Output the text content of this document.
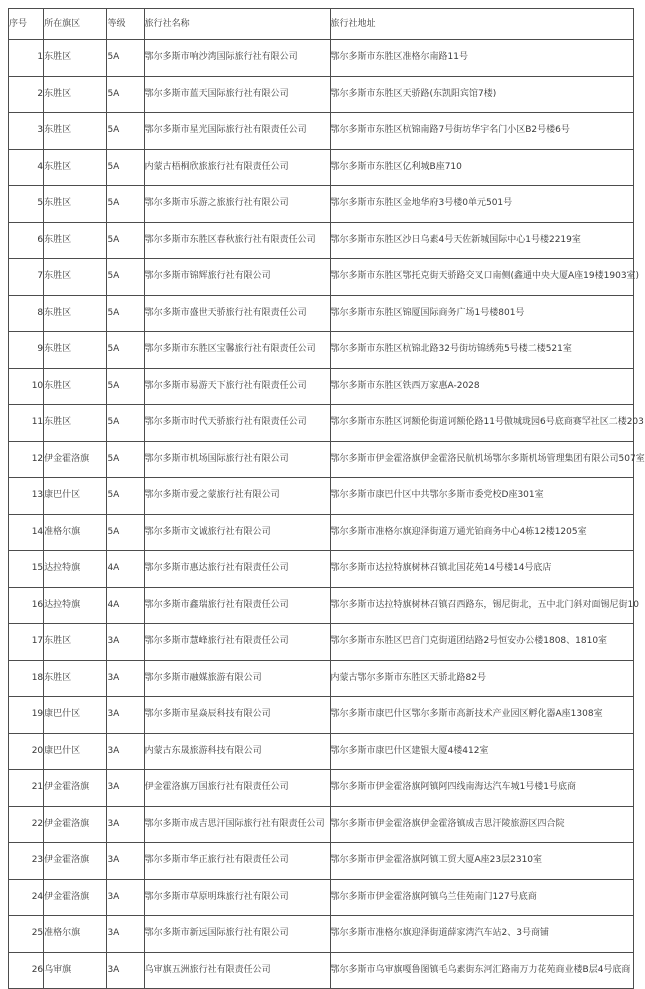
序号	所在旗区	等级	旅行社名称	旅行社地址
1	东胜区	5A	鄂尔多斯市响沙湾国际旅行社有限公司	鄂尔多斯市东胜区准格尔南路11号
2	东胜区	5A	鄂尔多斯市蓝天国际旅行社有限公司	鄂尔多斯市东胜区天骄路(东凯阳宾馆7楼)
3	东胜区	5A	鄂尔多斯市星光国际旅行社有限责任公司	鄂尔多斯市东胜区杭锦南路7号街坊华宇名门小区B2号楼6号
4	东胜区	5A	内蒙古梧桐欣旅旅行社有限责任公司	鄂尔多斯市东胜区亿利城B座710
5	东胜区	5A	鄂尔多斯市乐游之旅旅行社有限公司	鄂尔多斯市东胜区金地华府3号楼0单元501号
6	东胜区	5A	鄂尔多斯市东胜区春秋旅行社有限责任公司	鄂尔多斯市东胜区沙日乌素4号天佐新城国际中心1号楼2219室
7	东胜区	5A	鄂尔多斯市锦辉旅行社有限公司	鄂尔多斯市东胜区鄂托克街天骄路交叉口南侧(鑫通中央大厦A座19楼1903室)
8	东胜区	5A	鄂尔多斯市盛世天骄旅行社有限责任公司	鄂尔多斯市东胜区锦厦国际商务广场1号楼801号
9	东胜区	5A	鄂尔多斯市东胜区宝馨旅行社有限责任公司	鄂尔多斯市东胜区杭锦北路32号街坊锦绣苑5号楼二楼521室
10	东胜区	5A	鄂尔多斯市易游天下旅行社有限责任公司	鄂尔多斯市东胜区铁西万家惠A-2028
11	东胜区	5A	鄂尔多斯市时代天骄旅行社有限责任公司	鄂尔多斯市东胜区诃额伦街道诃额伦路11号傲城珑园6号底商赛罕社区二楼203
12	伊金霍洛旗	5A	鄂尔多斯市机场国际旅行社有限公司	鄂尔多斯市伊金霍洛旗伊金霍洛民航机场鄂尔多斯机场管理集团有限公司507室
13	康巴什区	5A	鄂尔多斯市爱之蒙旅行社有限公司	鄂尔多斯市康巴什区中共鄂尔多斯市委党校D座301室
14	准格尔旗	5A	鄂尔多斯市文诚旅行社有限公司	鄂尔多斯市准格尔旗迎泽街道万通光铂商务中心4栋12楼1205室
15	达拉特旗	4A	鄂尔多斯市惠达旅行社有限责任公司	鄂尔多斯市达拉特旗树林召镇北国花苑14号楼14号底店
16	达拉特旗	4A	鄂尔多斯市鑫瑞旅行社有限责任公司	鄂尔多斯市达拉特旗树林召镇召西路东，锡尼街北，五中北门斜对面锡尼街10
17	东胜区	3A	鄂尔多斯市慧峰旅行社有限责任公司	鄂尔多斯市东胜区巴音门克街道团结路2号恒安办公楼1808、1810室
18	东胜区	3A	鄂尔多斯市融媒旅游有限公司	内蒙古鄂尔多斯市东胜区天骄北路82号
19	康巴什区	3A	鄂尔多斯市星焱辰科技有限公司	鄂尔多斯市康巴什区鄂尔多斯市高新技术产业园区孵化器A座1308室
20	康巴什区	3A	内蒙古东晟旅游科技有限公司	鄂尔多斯市康巴什区建银大厦4楼412室
21	伊金霍洛旗	3A	伊金霍洛旗万国旅行社有限责任公司	鄂尔多斯市伊金霍洛旗阿镇阿四线南海达汽车城1号楼1号底商
22	伊金霍洛旗	3A	鄂尔多斯市成吉思汗国际旅行社有限责任公司	鄂尔多斯市伊金霍洛旗伊金霍洛镇成吉思汗陵旅游区四合院
23	伊金霍洛旗	3A	鄂尔多斯市华正旅行社有限责任公司	鄂尔多斯市伊金霍洛旗阿镇工贸大厦A座23层2310室
24	伊金霍洛旗	3A	鄂尔多斯市草原明珠旅行社有限公司	鄂尔多斯市伊金霍洛旗阿镇乌兰佳苑南门127号底商
25	准格尔旗	3A	鄂尔多斯市新远国际旅行社有限公司	鄂尔多斯市准格尔旗迎泽街道薛家湾汽车站2、3号商铺
26	乌审旗	3A	乌审旗五洲旅行社有限责任公司	鄂尔多斯市乌审旗嘎鲁图镇毛乌素街东河汇路南万力花苑商业楼B层4号底商
